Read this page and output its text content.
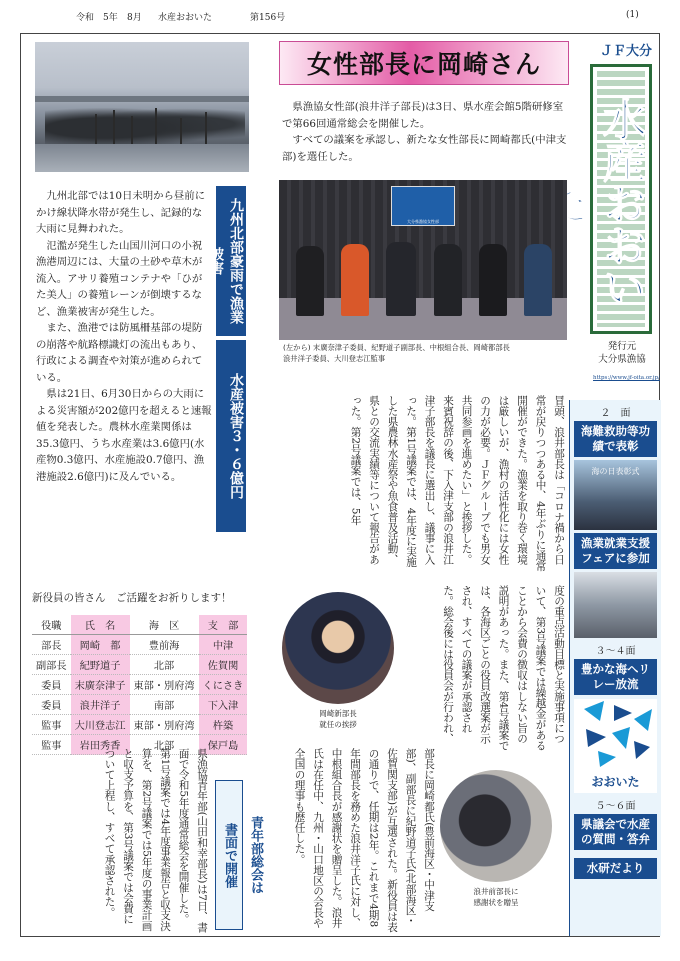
令和 5年 8月 水産おおいた	第156号	(1)
九州北部豪雨で漁業被害
水産被害３・６億円

九州北部では10日未明から昼前にかけ線状降水帯が発生し、記録的な大雨に見舞われた。

氾濫が発生した山国川河口の小祝漁港周辺には、大量の土砂や草木が流入。アサリ養殖コンテナや「ひがた美人」の養殖レーンが倒壊するなど、漁業被害が発生した。

また、漁港では防風柵基部の堤防の崩落や航路標識灯の流出もあり、行政による調査や対策が進められている。

県は21日、6月30日からの大雨による災害額が202億円を超えると速報値を発表した。農林水産業関係は35.3億円、うち水産業は3.6億円(水産物0.3億円、水産施設0.7億円、漁港施設2.6億円)に及んでいる。

女性部長に岡崎さん	ＪＦ大分
水産おおい
発行元
大分県漁協
https://www.jf-oita.or.jp/

県漁協女性部(浪井洋子部長)は3日、県水産会館5階研修室で第66回通常総会を開催した。

すべての議案を承認し、新たな女性部長に岡崎都氏(中津支部)を選任した。

大分県漁協女性部
(左から) 末廣奈津子委員、紀野道子副部長、中根組合長、岡崎都部長
浪井洋子委員、大川登志江監事
冒頭、浪井部長は「コロナ禍から日常が戻りつつある中、4年ぶりに通常開催ができた。漁業を取り巻く環境は厳しいが、漁村の活性化には女性の力が必要。ＪＦグループでも男女共同参画を進めたい」と挨拶した。来賓祝辞の後、下入津支部の浪井江津子部長を議長に選出し、議事に入った。第1号議案では、4年度に実施した県農林水産祭や魚食普及活動、県との交流実績等について報告があった。第2号議案では、5年
度の重点活動目標と実施事項について、第3号議案では繰越金があることから会費の徴収はしない旨の説明があった。また、第4号議案では、各海区ごとの役員改選案が示され、すべての議案が承認された。総会後には役員会が行われ、
新役員の皆さん　ご活躍をお祈りします！
役職	氏　名	海　区	支　部
部長	岡崎　都	豊前海	中津
副部長	紀野道子	北部	佐賀関
委員	末廣奈津子	東部・別府湾	くにさき
委員	浪井洋子	南部	下入津
監事	大川登志江	東部・別府湾	杵築
監事	岩田秀香	北部	保戸島
岡崎新部長
就任の挨拶
浪井前部長に
感謝状を贈呈
部長に岡崎都氏(豊前海区・中津支部)、副部長に紀野道子氏(北部海区・佐賀関支部)が互選された。新役員は表の通りで、任期は2年。これまで4期8年間部長を務めた浪井洋子氏に対し、中根組合長が感謝状を贈呈した。浪井氏は在任中、九州・山口地区の会長や全国の理事も歴任した。
青年部総会は
書面で開催
県漁協青年部(山田和幸部長)は7日、書面で令和5年度通常総会を開催した。第1号議案では4年度事業報告と収支決算を、第2号議案では5年度の事業計画と収支予算を、第3号議案では会費について上程し、すべて承認された。
２　面
海難救助等功績で表彰
海の日表彰式
漁業就業支援フェアに参加
３〜４面
豊かな海へリレー放流
おおいた
５〜６面
県議会で水産の質問・答弁
水研だより
